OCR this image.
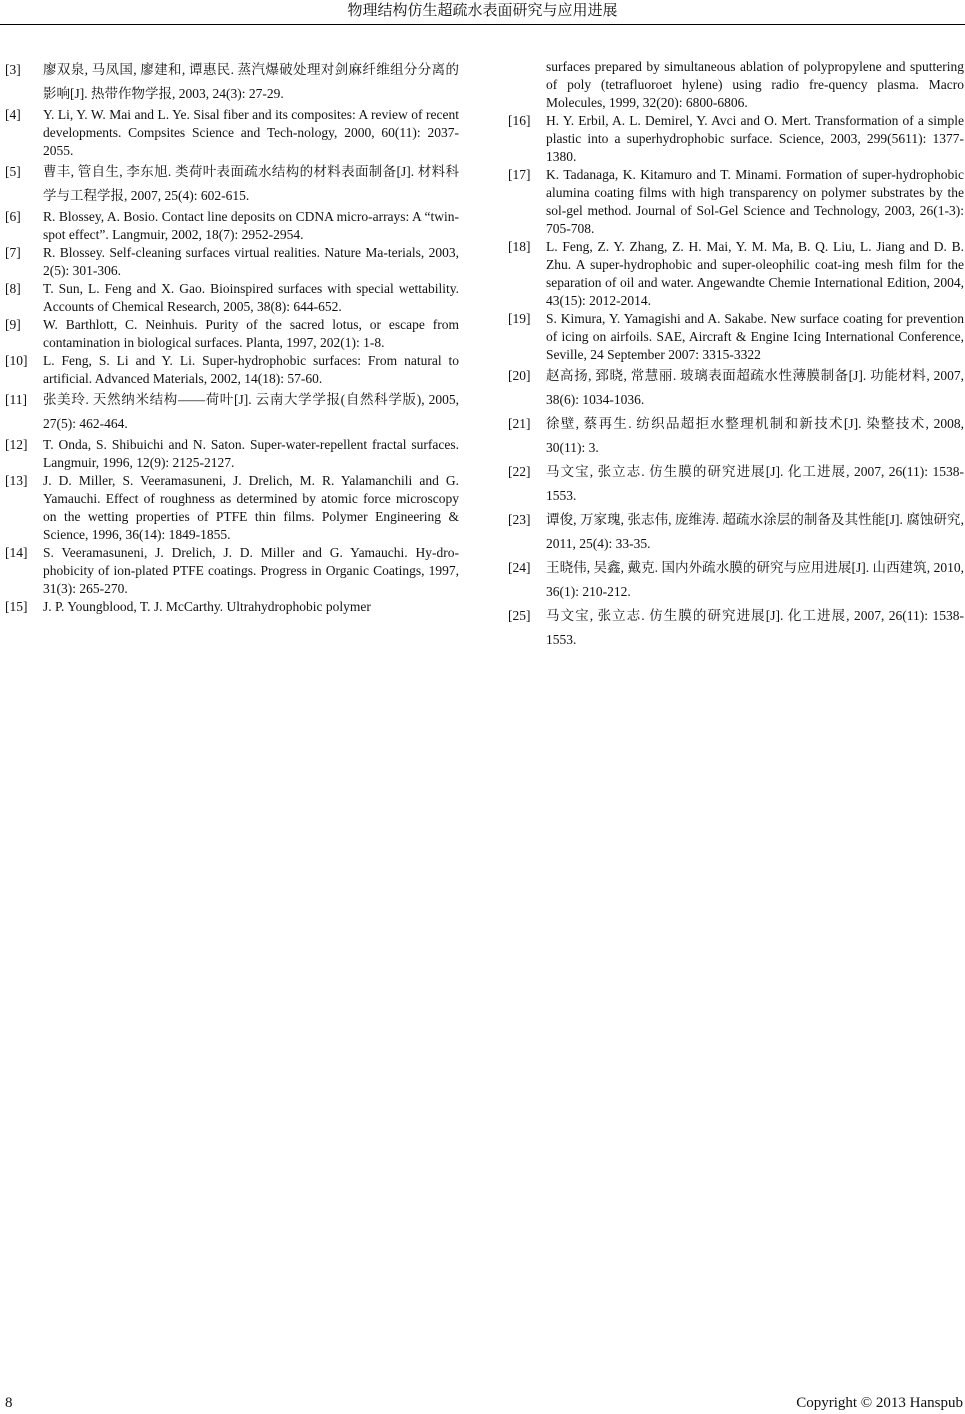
物理结构仿生超疏水表面研究与应用进展
[3]	廖双泉, 马凤国, 廖建和, 谭惠民. 蒸汽爆破处理对剑麻纤维组分分离的影响[J]. 热带作物学报, 2003, 24(3): 27-29.
[4]	Y. Li, Y. W. Mai and L. Ye. Sisal fiber and its composites: A review of recent developments. Compsites Science and Tech-nology, 2000, 60(11): 2037-2055.
[5]	曹丰, 管自生, 李东旭. 类荷叶表面疏水结构的材料表面制备[J]. 材料科学与工程学报, 2007, 25(4): 602-615.
[6]	R. Blossey, A. Bosio. Contact line deposits on CDNA micro-arrays: A “twin-spot effect”. Langmuir, 2002, 18(7): 2952-2954.
[7]	R. Blossey. Self-cleaning surfaces virtual realities. Nature Ma-terials, 2003, 2(5): 301-306.
[8]	T. Sun, L. Feng and X. Gao. Bioinspired surfaces with special wettability. Accounts of Chemical Research, 2005, 38(8): 644-652.
[9]	W. Barthlott, C. Neinhuis. Purity of the sacred lotus, or escape from contamination in biological surfaces. Planta, 1997, 202(1): 1-8.
[10]	L. Feng, S. Li and Y. Li. Super-hydrophobic surfaces: From natural to artificial. Advanced Materials, 2002, 14(18): 57-60.
[11]	张美玲. 天然纳米结构——荷叶[J]. 云南大学学报(自然科学版), 2005, 27(5): 462-464.
[12]	T. Onda, S. Shibuichi and N. Saton. Super-water-repellent fractal surfaces. Langmuir, 1996, 12(9): 2125-2127.
[13]	J. D. Miller, S. Veeramasuneni, J. Drelich, M. R. Yalamanchili and G. Yamauchi. Effect of roughness as determined by atomic force microscopy on the wetting properties of PTFE thin films. Polymer Engineering & Science, 1996, 36(14): 1849-1855.
[14]	S. Veeramasuneni, J. Drelich, J. D. Miller and G. Yamauchi. Hy-dro-phobicity of ion-plated PTFE coatings. Progress in Organic Coatings, 1997, 31(3): 265-270.
[15]	J. P. Youngblood, T. J. McCarthy. Ultrahydrophobic polymer
surfaces prepared by simultaneous ablation of polypropylene and sputtering of poly (tetrafluoroet hylene) using radio fre-quency plasma. Macro Molecules, 1999, 32(20): 6800-6806.
[16]	H. Y. Erbil, A. L. Demirel, Y. Avci and O. Mert. Transformation of a simple plastic into a superhydrophobic surface. Science, 2003, 299(5611): 1377-1380.
[17]	K. Tadanaga, K. Kitamuro and T. Minami. Formation of super-hydrophobic alumina coating films with high transparency on polymer substrates by the sol-gel method. Journal of Sol-Gel Science and Technology, 2003, 26(1-3): 705-708.
[18]	L. Feng, Z. Y. Zhang, Z. H. Mai, Y. M. Ma, B. Q. Liu, L. Jiang and D. B. Zhu. A super-hydrophobic and super-oleophilic coat-ing mesh film for the separation of oil and water. Angewandte Chemie International Edition, 2004, 43(15): 2012-2014.
[19]	S. Kimura, Y. Yamagishi and A. Sakabe. New surface coating for prevention of icing on airfoils. SAE, Aircraft & Engine Icing International Conference, Seville, 24 September 2007: 3315-3322
[20]	赵高扬, 郅晓, 常慧丽. 玻璃表面超疏水性薄膜制备[J]. 功能材料, 2007, 38(6): 1034-1036.
[21]	徐壁, 蔡再生. 纺织品超拒水整理机制和新技术[J]. 染整技术, 2008, 30(11): 3.
[22]	马文宝, 张立志. 仿生膜的研究进展[J]. 化工进展, 2007, 26(11): 1538-1553.
[23]	谭俊, 万家瑰, 张志伟, 庞维涛. 超疏水涂层的制备及其性能[J]. 腐蚀研究, 2011, 25(4): 33-35.
[24]	王晓伟, 吴鑫, 戴克. 国内外疏水膜的研究与应用进展[J]. 山西建筑, 2010, 36(1): 210-212.
[25]	马文宝, 张立志. 仿生膜的研究进展[J]. 化工进展, 2007, 26(11): 1538-1553.
8	Copyright © 2013 Hanspub
